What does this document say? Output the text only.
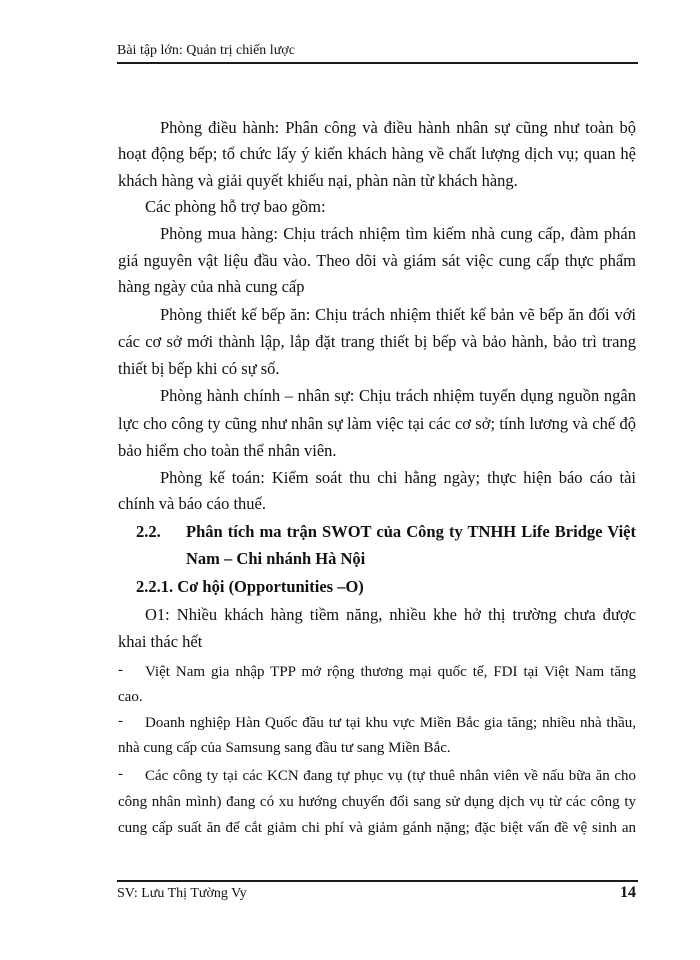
Bài tập lớn: Quản trị chiến lược
Phòng điều hành: Phân công và điều hành nhân sự cũng như toàn bộ
hoạt động bếp; tổ chức lấy ý kiến khách hàng về chất lượng dịch vụ; quan hệ
khách hàng và giải quyết khiếu nại, phàn nàn từ khách hàng.
Các phòng hỗ trợ bao gồm:
Phòng mua hàng: Chịu trách nhiệm tìm kiếm nhà cung cấp, đàm phán
giá nguyên vật liệu đầu vào. Theo dõi và giám sát việc cung cấp thực phẩm
hàng ngày của nhà cung cấp
Phòng thiết kế bếp ăn: Chịu trách nhiệm thiết kế bản vẽ bếp ăn đối với
các cơ sở mới thành lập, lắp đặt trang thiết bị bếp và bảo hành, bảo trì trang
thiết bị bếp khi có sự số.
Phòng hành chính – nhân sự: Chịu trách nhiệm tuyển dụng nguồn ngân
lực cho công ty cũng như nhân sự làm việc tại các cơ sở; tính lương và chế độ
bảo hiểm cho toàn thể nhân viên.
Phòng kế toán: Kiểm soát thu chi hằng ngày; thực hiện báo cáo tài
chính và báo cáo thuế.
2.2. Phân tích ma trận SWOT của Công ty TNHH Life Bridge Việt
Nam – Chi nhánh Hà Nội
2.2.1. Cơ hội (Opportunities –O)
O1: Nhiều khách hàng tiềm năng, nhiều khe hở thị trường chưa được
khai thác hết
- Việt Nam gia nhập TPP mở rộng thương mại quốc tế, FDI tại Việt Nam tăng
cao.
- Doanh nghiệp Hàn Quốc đầu tư tại khu vực Miền Bắc gia tăng; nhiều nhà thầu,
nhà cung cấp của Samsung sang đầu tư sang Miền Bắc.
- Các công ty tại các KCN đang tự phục vụ (tự thuê nhân viên về nấu bữa ăn cho
công nhân mình) đang có xu hướng chuyển đổi sang sử dụng dịch vụ từ các công ty
cung cấp suất ăn để cắt giảm chi phí và giảm gánh nặng; đặc biệt vấn đề vệ sinh an
SV: Lưu Thị Tường Vy	14
